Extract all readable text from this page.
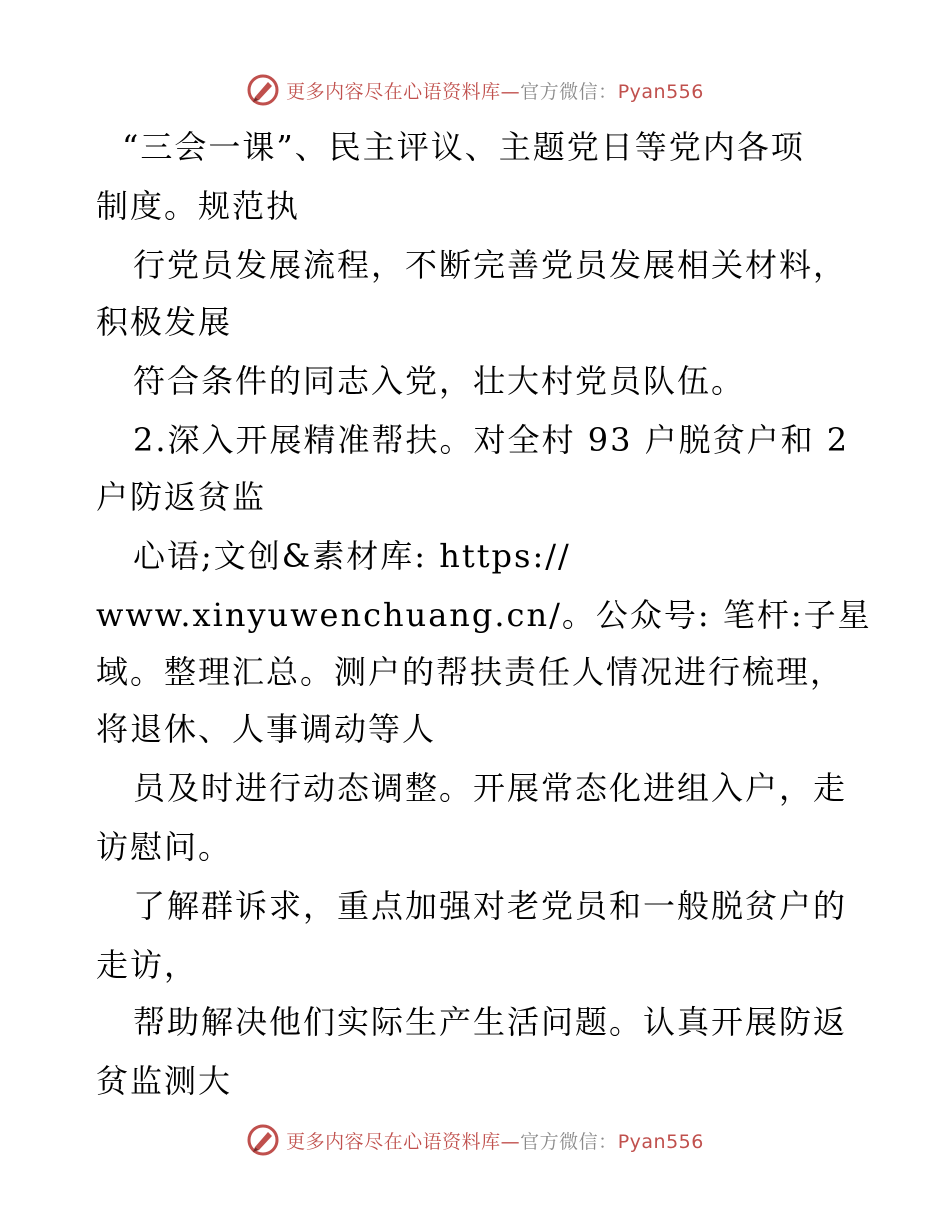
更多内容尽在心语资料库—官方微信：Pyan556
“三会一课”、民主评议、主题党日等党内各项
制度。规范执
行党员发展流程，不断完善党员发展相关材料，
积极发展
符合条件的同志入党，壮大村党员队伍。
2.深入开展精准帮扶。对全村 93 户脱贫户和 2
户防返贫监
心语;文创&素材库: https://
www.xinyuwenchuang.cn/。公众号: 笔杆:子星
域。整理汇总。测户的帮扶责任人情况进行梳理，
将退休、人事调动等人
员及时进行动态调整。开展常态化进组入户，走
访慰问。
了解群诉求，重点加强对老党员和一般脱贫户的
走访，
帮助解决他们实际生产生活问题。认真开展防返
贫监测大
更多内容尽在心语资料库—官方微信：Pyan556
